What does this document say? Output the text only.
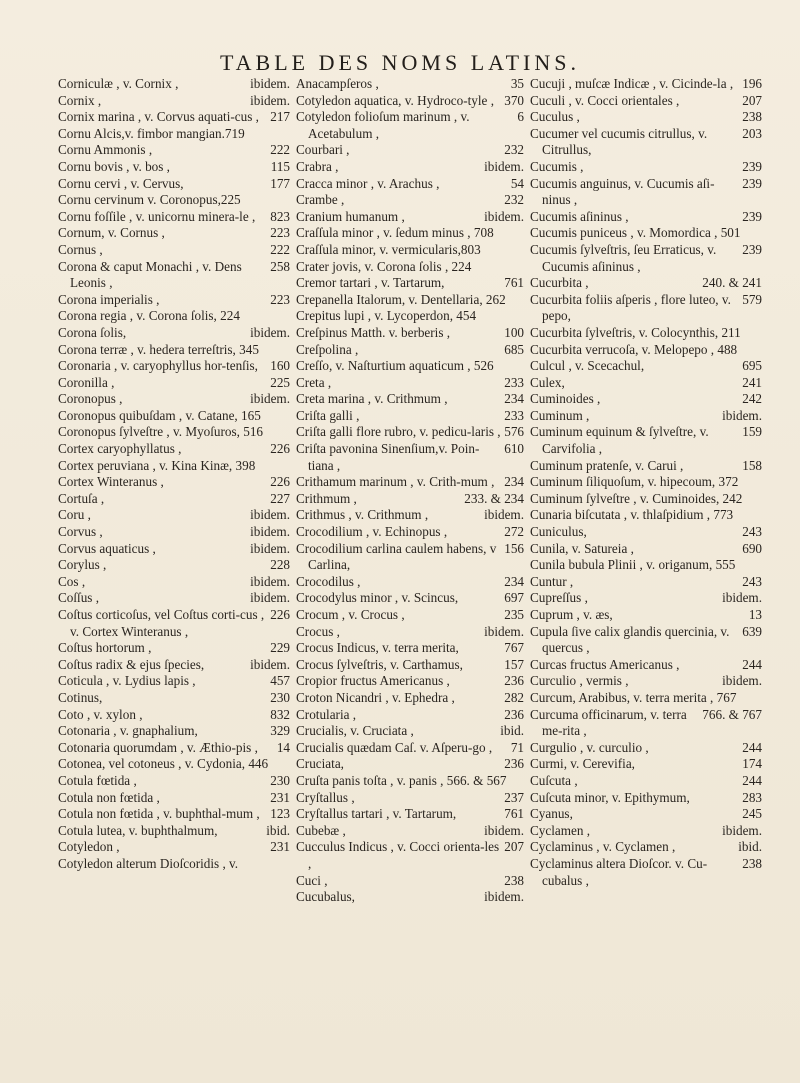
TABLE DES NOMS LATINS.
ibidem.
Corniculæ , v. Cornix ,
ibidem.
Cornix ,
217
Cornix marina , v. Corvus aquati-cus ,
Cornu Alcis,v. fimbor mangian.719
222
Cornu Ammonis ,
115
Cornu bovis , v. bos ,
177
Cornu cervi , v. Cervus,
Cornu cervinum v. Coronopus,225
823
Cornu foſſile , v. unicornu minera-le ,
223
Cornum, v. Cornus ,
222
Cornus ,
258
Corona & caput Monachi , v. Dens Leonis ,
223
Corona imperialis ,
Corona regia , v. Corona ſolis, 224
ibidem.
Corona ſolis,
Corona terræ , v. hedera terreſtris, 345
160
Coronaria , v. caryophyllus hor-tenſis,
225
Coronilla ,
ibidem.
Coronopus ,
Coronopus quibuſdam , v. Catane, 165
Coronopus ſylveſtre , v. Myoſuros, 516
226
Cortex caryophyllatus ,
Cortex peruviana , v. Kina Kinæ, 398
226
Cortex Winteranus ,
227
Cortuſa ,
ibidem.
Coru ,
ibidem.
Corvus ,
ibidem.
Corvus aquaticus ,
228
Corylus ,
ibidem.
Cos ,
ibidem.
Coſſus ,
226
Coſtus corticoſus, vel Coſtus corti-cus , v. Cortex Winteranus ,
229
Coſtus hortorum ,
ibidem.
Coſtus radix & ejus ſpecies,
457
Coticula , v. Lydius lapis ,
230
Cotinus,
832
Coto , v. xylon ,
329
Cotonaria , v. gnaphalium,
14
Cotonaria quorumdam , v. Æthio-pis ,
Cotonea, vel cotoneus , v. Cydonia, 446
230
Cotula fœtida ,
231
Cotula non fœtida ,
123
Cotula non fœtida , v. buphthal-mum ,
ibid.
Cotula lutea, v. buphthalmum,
231
Cotyledon ,
Cotyledon alterum Dioſcoridis , v.
35
Anacampſeros ,
370
Cotyledon aquatica, v. Hydroco-tyle ,
6
Cotyledon folioſum marinum , v. Acetabulum ,
232
Courbari ,
ibidem.
Crabra ,
54
Cracca minor , v. Arachus ,
232
Crambe ,
ibidem.
Cranium humanum ,
Craſſula minor , v. ſedum minus , 708
Craſſula minor, v. vermicularis,803
Crater jovis, v. Corona ſolis , 224
761
Cremor tartari , v. Tartarum,
Crepanella Italorum, v. Dentellaria, 262
Crepitus lupi , v. Lycoperdon, 454
100
Creſpinus Matth. v. berberis ,
685
Creſpolina ,
Creſſo, v. Naſturtium aquaticum , 526
233
Creta ,
234
Creta marina , v. Crithmum ,
233
Criſta galli ,
576
Criſta galli flore rubro, v. pedicu-laris ,
610
Criſta pavonina Sinenſium,v. Poin-tiana ,
234
Crithamum marinum , v. Crith-mum ,
233. & 234
Crithmum ,
ibidem.
Crithmus , v. Crithmum ,
272
Crocodilium , v. Echinopus ,
156
Crocodilium carlina caulem habens, v Carlina,
234
Crocodilus ,
697
Crocodylus minor , v. Scincus,
235
Crocum , v. Crocus ,
ibidem.
Crocus ,
767
Crocus Indicus, v. terra merita,
157
Crocus ſylveſtris, v. Carthamus,
236
Cropior fructus Americanus ,
282
Croton Nicandri , v. Ephedra ,
236
Crotularia ,
ibid.
Crucialis, v. Cruciata ,
71
Crucialis quædam Caſ. v. Aſperu-go ,
236
Cruciata,
Cruſta panis toſta , v. panis , 566. & 567
237
Cryſtallus ,
761
Cryſtallus tartari , v. Tartarum,
ibidem.
Cubebæ ,
207
Cucculus Indicus , v. Cocci orienta-les ,
238
Cuci ,
ibidem.
Cucubalus,
196
Cucuji , muſcæ Indicæ , v. Cicinde-la ,
207
Cuculi , v. Cocci orientales ,
238
Cuculus ,
203
Cucumer vel cucumis citrullus, v. Citrullus,
239
Cucumis ,
239
Cucumis anguinus, v. Cucumis aſi-ninus ,
239
Cucumis aſininus ,
Cucumis puniceus , v. Momordica , 501
239
Cucumis ſylveſtris, ſeu Erraticus, v. Cucumis aſininus ,
240. & 241
Cucurbita ,
579
Cucurbita foliis aſperis , flore luteo, v. pepo,
Cucurbita ſylveſtris, v. Colocynthis, 211
Cucurbita verrucoſa, v. Melopepo , 488
695
Culcul , v. Scecachul,
241
Culex,
242
Cuminoides ,
ibidem.
Cuminum ,
159
Cuminum equinum & ſylveſtre, v. Carvifolia ,
158
Cuminum pratenſe, v. Carui ,
Cuminum ſiliquoſum, v. hipecoum, 372
Cuminum ſylveſtre , v. Cuminoides, 242
Cunaria biſcutata , v. thlaſpidium , 773
243
Cuniculus,
690
Cunila, v. Satureia ,
Cunila bubula Plinii , v. origanum, 555
243
Cuntur ,
ibidem.
Cupreſſus ,
13
Cuprum , v. æs,
639
Cupula ſive calix glandis quercinia, v. quercus ,
244
Curcas fructus Americanus ,
ibidem.
Curculio , vermis ,
Curcum, Arabibus, v. terra merita , 767
766. & 767
Curcuma officinarum, v. terra me-rita ,
244
Curgulio , v. curculio ,
174
Curmi, v. Cerevifia,
244
Cuſcuta ,
283
Cuſcuta minor, v. Epithymum,
245
Cyanus,
ibidem.
Cyclamen ,
ibid.
Cyclaminus , v. Cyclamen ,
238
Cyclaminus altera Dioſcor. v. Cu-cubalus ,
